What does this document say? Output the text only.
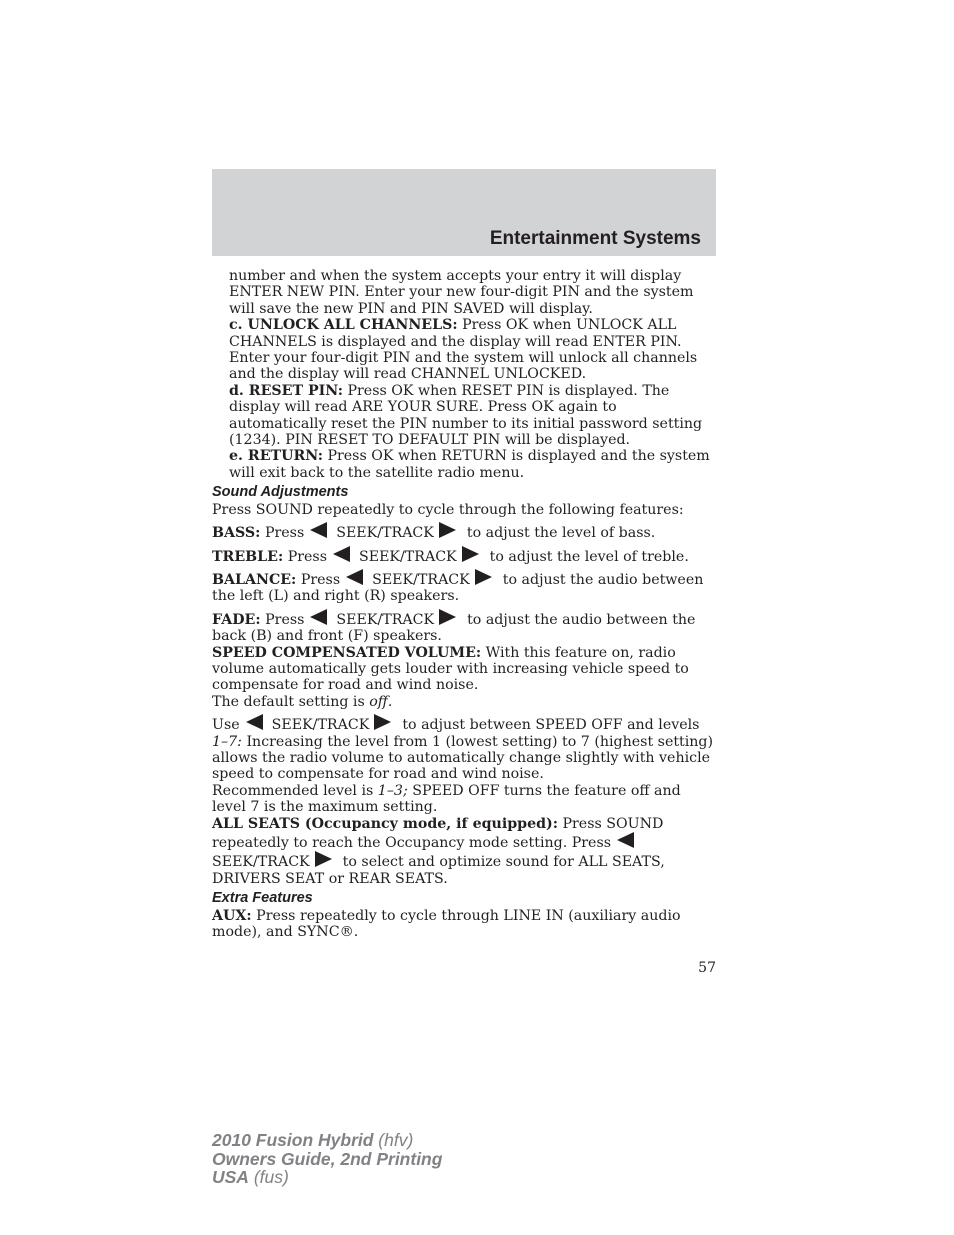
Entertainment Systems

number and when the system accepts your entry it will display ENTER NEW PIN. Enter your new four-digit PIN and the system will save the new PIN and PIN SAVED will display.

c. UNLOCK ALL CHANNELS: Press OK when UNLOCK ALL CHANNELS is displayed and the display will read ENTER PIN. Enter your four-digit PIN and the system will unlock all channels and the display will read CHANNEL UNLOCKED.

d. RESET PIN: Press OK when RESET PIN is displayed. The display will read ARE YOUR SURE. Press OK again to automatically reset the PIN number to its initial password setting (1234). PIN RESET TO DEFAULT PIN will be displayed.

e. RETURN: Press OK when RETURN is displayed and the system will exit back to the satellite radio menu.

Sound Adjustments

Press SOUND repeatedly to cycle through the following features:

BASS: Press SEEK/TRACK to adjust the level of bass.

TREBLE: Press SEEK/TRACK to adjust the level of treble.

BALANCE: Press SEEK/TRACK to adjust the audio between the left (L) and right (R) speakers.

FADE: Press SEEK/TRACK to adjust the audio between the back (B) and front (F) speakers.

SPEED COMPENSATED VOLUME: With this feature on, radio volume automatically gets louder with increasing vehicle speed to compensate for road and wind noise.

The default setting is off.

Use SEEK/TRACK to adjust between SPEED OFF and levels
1–7: Increasing the level from 1 (lowest setting) to 7 (highest setting) allows the radio volume to automatically change slightly with vehicle speed to compensate for road and wind noise.

Recommended level is 1–3; SPEED OFF turns the feature off and level 7 is the maximum setting.

ALL SEATS (Occupancy mode, if equipped): Press SOUND repeatedly to reach the Occupancy mode setting. Press
SEEK/TRACK to select and optimize sound for ALL SEATS, DRIVERS SEAT or REAR SEATS.

Extra Features

AUX: Press repeatedly to cycle through LINE IN (auxiliary audio mode), and SYNC®.

57
2010 Fusion Hybrid (hfv)
Owners Guide, 2nd Printing
USA (fus)
